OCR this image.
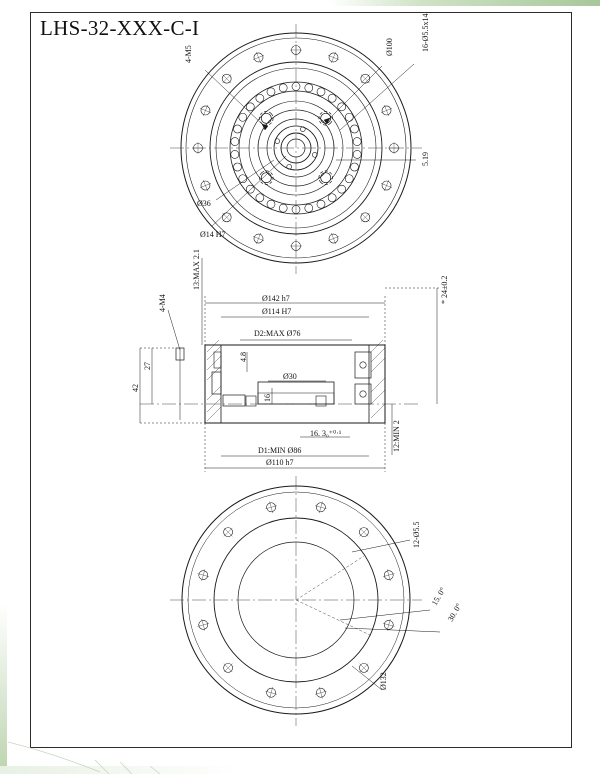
LHS-32-XXX-C-I
4-M5
Ø36
Ø14 H7
Ø100	16-Ø5.5x14
5.19
13:MAX 2.1
4-M4	Ø142 h7
Ø114 H7
D2:MAX Ø76
4.8
Ø30
16
27
42
16. 3₀⁺⁰·¹
D1:MIN Ø86
Ø110 h7
12:MIN 2
* 24±0.2
12-Ø5.5
15. 0°
30. 0°
Ø132
